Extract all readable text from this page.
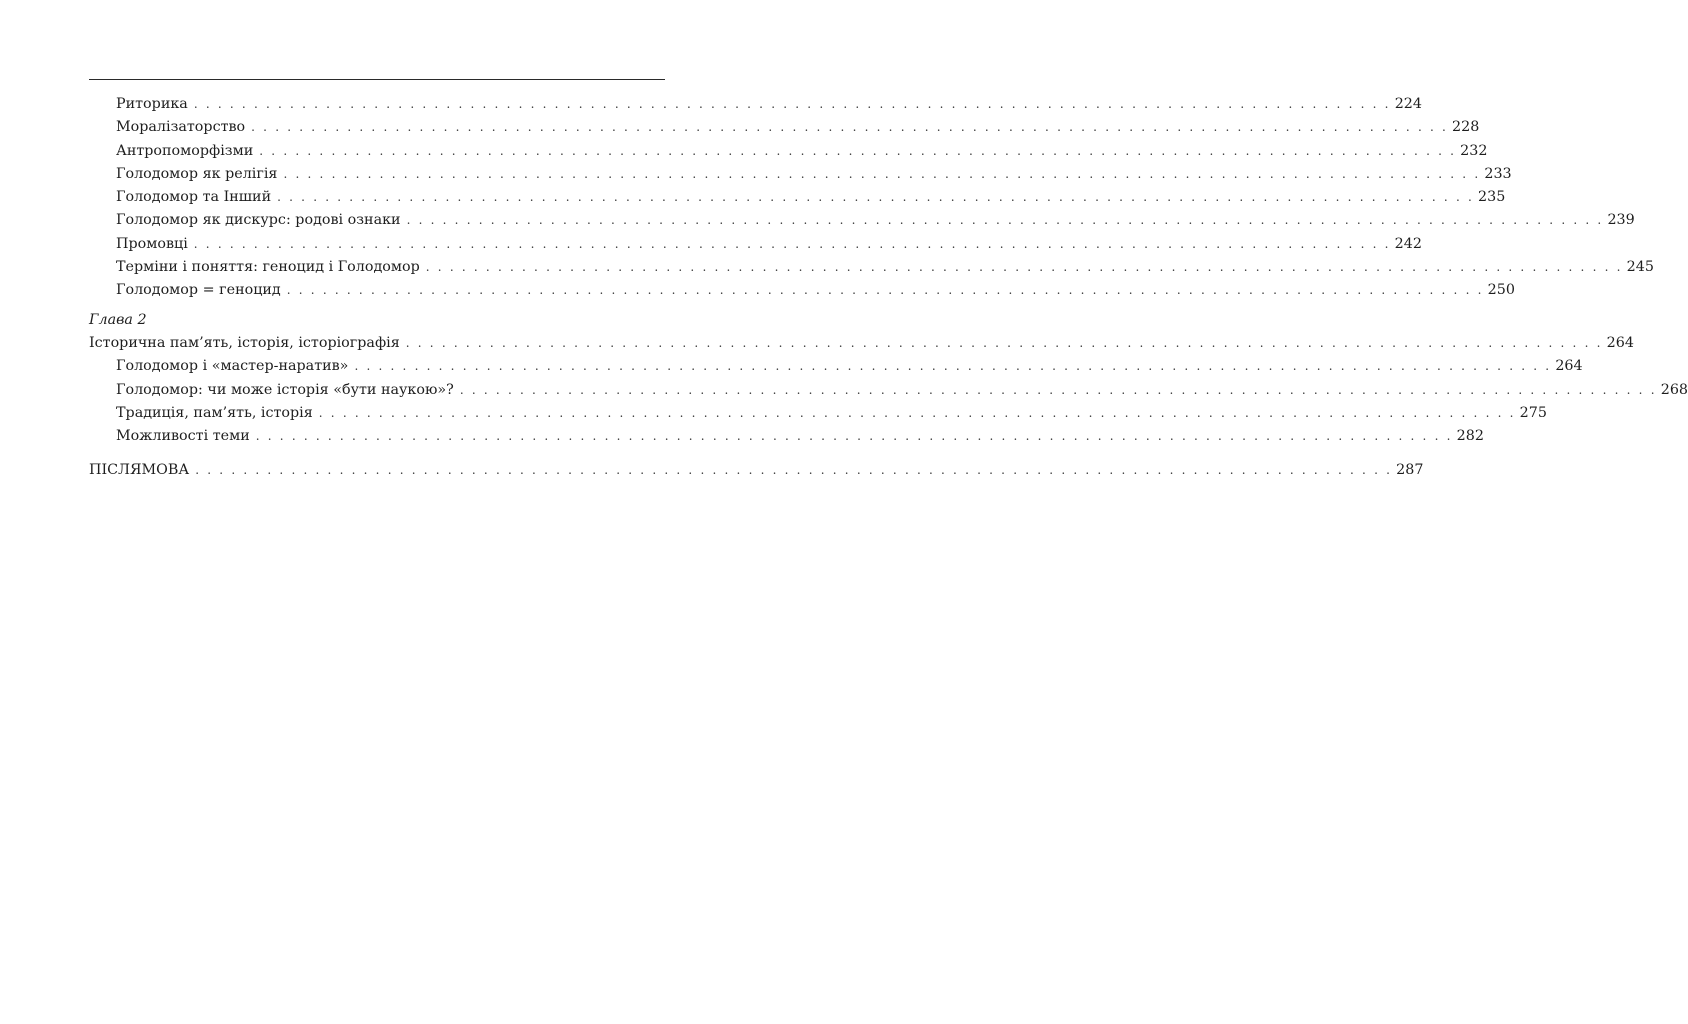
Риторика . . . . . . . . . . . . . . . . . . . . . . . . . . . . . . . . . . . . . . . . . . . . . . . . . . . . . . . . . . . . . . . . . . . . . . . . . . . . . . . . . . . . . . . . . . . . . . . . . . . . 224
Моралізаторство . . . . . . . . . . . . . . . . . . . . . . . . . . . . . . . . . . . . . . . . . . . . . . . . . . . . . . . . . . . . . . . . . . . . . . . . . . . . . . . . . . . . . . . . . . . . . . . . . . . . 228
Антропоморфізми . . . . . . . . . . . . . . . . . . . . . . . . . . . . . . . . . . . . . . . . . . . . . . . . . . . . . . . . . . . . . . . . . . . . . . . . . . . . . . . . . . . . . . . . . . . . . . . . . . . . 232
Голодомор як релігія . . . . . . . . . . . . . . . . . . . . . . . . . . . . . . . . . . . . . . . . . . . . . . . . . . . . . . . . . . . . . . . . . . . . . . . . . . . . . . . . . . . . . . . . . . . . . . . . . . . . 233
Голодомор та Інший . . . . . . . . . . . . . . . . . . . . . . . . . . . . . . . . . . . . . . . . . . . . . . . . . . . . . . . . . . . . . . . . . . . . . . . . . . . . . . . . . . . . . . . . . . . . . . . . . . . . 235
Голодомор як дискурс: родові ознаки . . . . . . . . . . . . . . . . . . . . . . . . . . . . . . . . . . . . . . . . . . . . . . . . . . . . . . . . . . . . . . . . . . . . . . . . . . . . . . . . . . . . . . . . . . . . . . . . . . . . 239
Промовці . . . . . . . . . . . . . . . . . . . . . . . . . . . . . . . . . . . . . . . . . . . . . . . . . . . . . . . . . . . . . . . . . . . . . . . . . . . . . . . . . . . . . . . . . . . . . . . . . . . . 242
Терміни і поняття: геноцид і Голодомор . . . . . . . . . . . . . . . . . . . . . . . . . . . . . . . . . . . . . . . . . . . . . . . . . . . . . . . . . . . . . . . . . . . . . . . . . . . . . . . . . . . . . . . . . . . . . . . . . . . . 245
Голодомор = геноцид . . . . . . . . . . . . . . . . . . . . . . . . . . . . . . . . . . . . . . . . . . . . . . . . . . . . . . . . . . . . . . . . . . . . . . . . . . . . . . . . . . . . . . . . . . . . . . . . . . . . 250
Глава 2
Історична пам’ять, історія, історіографія . . . . . . . . . . . . . . . . . . . . . . . . . . . . . . . . . . . . . . . . . . . . . . . . . . . . . . . . . . . . . . . . . . . . . . . . . . . . . . . . . . . . . . . . . . . . . . . . . . . . 264
Голодомор і «мастер-наратив» . . . . . . . . . . . . . . . . . . . . . . . . . . . . . . . . . . . . . . . . . . . . . . . . . . . . . . . . . . . . . . . . . . . . . . . . . . . . . . . . . . . . . . . . . . . . . . . . . . . . 264
Голодомор: чи може історія «бути наукою»? . . . . . . . . . . . . . . . . . . . . . . . . . . . . . . . . . . . . . . . . . . . . . . . . . . . . . . . . . . . . . . . . . . . . . . . . . . . . . . . . . . . . . . . . . . . . . . . . . . . . 268
Традиція, пам’ять, історія . . . . . . . . . . . . . . . . . . . . . . . . . . . . . . . . . . . . . . . . . . . . . . . . . . . . . . . . . . . . . . . . . . . . . . . . . . . . . . . . . . . . . . . . . . . . . . . . . . . . 275
Можливості теми . . . . . . . . . . . . . . . . . . . . . . . . . . . . . . . . . . . . . . . . . . . . . . . . . . . . . . . . . . . . . . . . . . . . . . . . . . . . . . . . . . . . . . . . . . . . . . . . . . . . 282
ПІСЛЯМОВА . . . . . . . . . . . . . . . . . . . . . . . . . . . . . . . . . . . . . . . . . . . . . . . . . . . . . . . . . . . . . . . . . . . . . . . . . . . . . . . . . . . . . . . . . . . . . . . . . . . . 287
